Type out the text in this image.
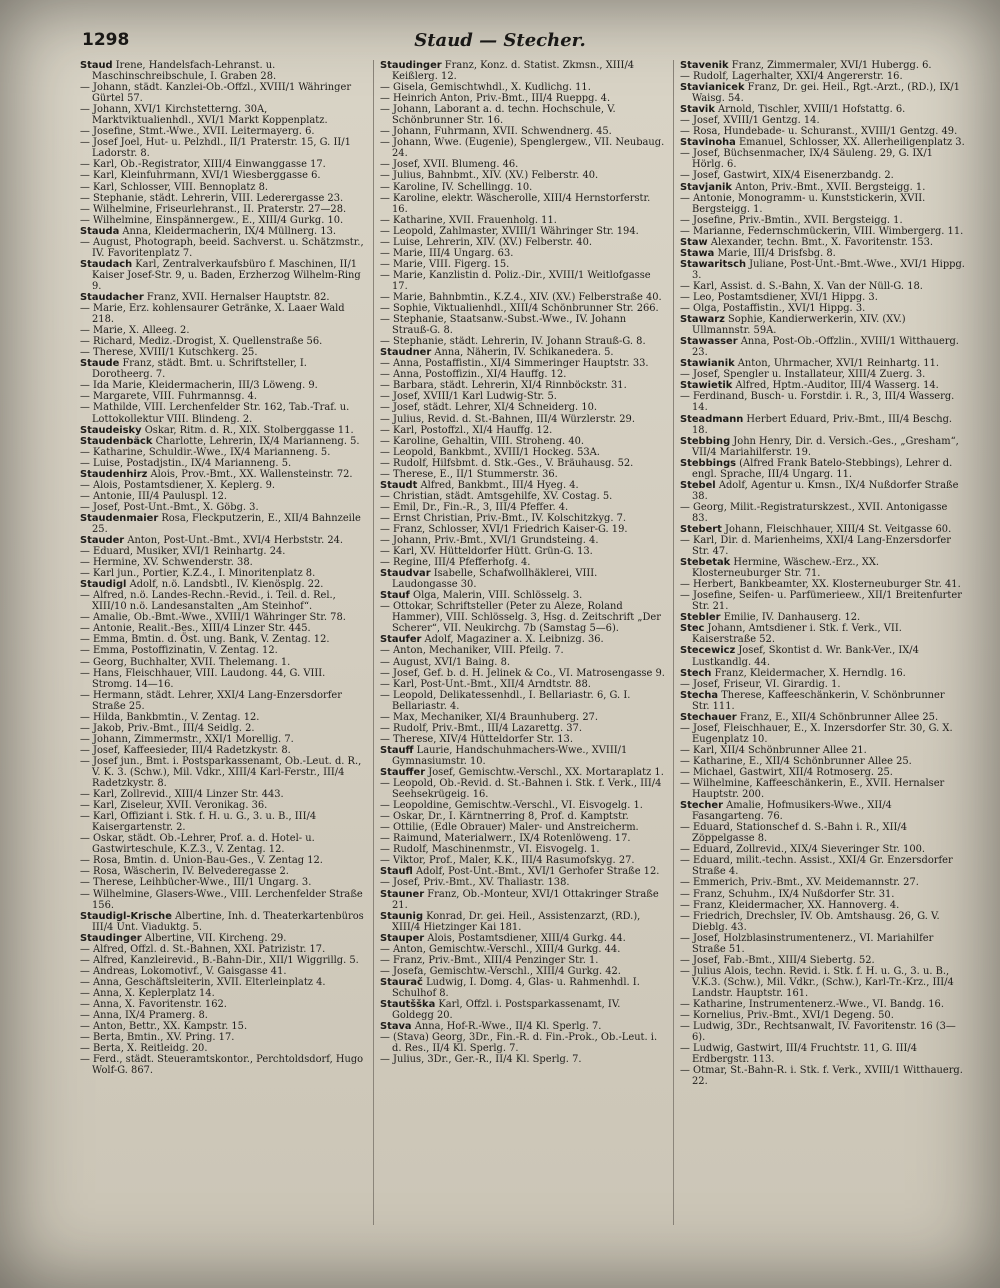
1298	Staud — Stecher.

Staud Irene, Handelsfach-Lehranst. u. Maschinschreibschule, I. Graben 28.

— Johann, städt. Kanzlei-Ob.-Offzl., XVIII/1 Währinger Gürtel 57.

— Johann, XVI/1 Kirchstetterng. 30A, Marktviktualienhdl., XVI/1 Markt Koppenplatz.

— Josefine, Stmt.-Wwe., XVII. Leitermayerg. 6.

— Josef Joel, Hut- u. Pelzhdl., II/1 Praterstr. 15, G. II/1 Ladorstr. 8.

— Karl, Ob.-Registrator, XIII/4 Einwanggasse 17.

— Karl, Kleinfuhrmann, XVI/1 Wiesberggasse 6.

— Karl, Schlosser, VIII. Bennoplatz 8.

— Stephanie, städt. Lehrerin, VIII. Lederergasse 23.

— Wilhelmine, Friseurlehranst., II. Praterstr. 27—28.

— Wilhelmine, Einspännergew., E., XIII/4 Gurkg. 10.

Stauda Anna, Kleidermacherin, IX/4 Müllnerg. 13.

— August, Photograph, beeid. Sachverst. u. Schätzmstr., IV. Favoritenplatz 7.

Staudach Karl, Zentralverkaufsbüro f. Maschinen, II/1 Kaiser Josef-Str. 9, u. Baden, Erzherzog Wilhelm-Ring 9.

Staudacher Franz, XVII. Hernalser Hauptstr. 82.

— Marie, Erz. kohlensaurer Getränke, X. Laaer Wald 218.

— Marie, X. Alleeg. 2.

— Richard, Mediz.-Drogist, X. Quellenstraße 56.

— Therese, XVIII/1 Kutschkerg. 25.

Staude Franz, städt. Bmt. u. Schriftsteller, I. Dorotheerg. 7.

— Ida Marie, Kleidermacherin, III/3 Löweng. 9.

— Margarete, VIII. Fuhrmannsg. 4.

— Mathilde, VIII. Lerchenfelder Str. 162, Tab.-Traf. u. Lottokollektur VIII. Blindeng. 2.

Staudeisky Oskar, Ritm. d. R., XIX. Stolberggasse 11.

Staudenbäck Charlotte, Lehrerin, IX/4 Marianneng. 5.

— Katharine, Schuldir.-Wwe., IX/4 Marianneng. 5.

— Luise, Postadjstin., IX/4 Marianneng. 5.

Staudenhirz Alois, Prov.-Bmt., XX. Wallensteinstr. 72.

— Alois, Postamtsdiener, X. Keplerg. 9.

— Antonie, III/4 Pauluspl. 12.

— Josef, Post-Unt.-Bmt., X. Göbg. 3.

Staudenmaier Rosa, Fleckputzerin, E., XII/4 Bahnzeile 25.

Stauder Anton, Post-Unt.-Bmt., XVI/4 Herbststr. 24.

— Eduard, Musiker, XVI/1 Reinhartg. 24.

— Hermine, XV. Schwenderstr. 38.

— Karl jun., Portier, K.Z.4., I. Minoritenplatz 8.

Staudigl Adolf, n.ö. Landsbtl., IV. Kienösplg. 22.

— Alfred, n.ö. Landes-Rechn.-Revid., i. Teil. d. Rel., XIII/10 n.ö. Landesanstalten „Am Steinhof“.

— Amalie, Ob.-Bmt.-Wwe., XVIII/1 Währinger Str. 78.

— Antonie, Realit.-Bes., XIII/4 Linzer Str. 445.

— Emma, Bmtin. d. Öst. ung. Bank, V. Zentag. 12.

— Emma, Postoffizinatin, V. Zentag. 12.

— Georg, Buchhalter, XVII. Thelemang. 1.

— Hans, Fleischhauer, VIII. Laudong. 44, G. VIII. Stromg. 14—16.

— Hermann, städt. Lehrer, XXI/4 Lang-Enzersdorfer Straße 25.

— Hilda, Bankbmtin., V. Zentag. 12.

— Jakob, Priv.-Bmt., III/4 Seidlg. 2.

— Johann, Zimmermstr., XXI/1 Morellig. 7.

— Josef, Kaffeesieder, III/4 Radetzkystr. 8.

— Josef jun., Bmt. i. Postsparkassenamt, Ob.-Leut. d. R., V. K. 3. (Schw.), Mil. Vdkr., XIII/4 Karl-Ferstr., III/4 Radetzkystr. 8.

— Karl, Zollrevid., XIII/4 Linzer Str. 443.

— Karl, Ziseleur, XVII. Veronikag. 36.

— Karl, Offiziant i. Stk. f. H. u. G., 3. u. B., III/4 Kaisergartenstr. 2.

— Oskar, städt. Ob.-Lehrer, Prof. a. d. Hotel- u. Gastwirteschule, K.Z.3., V. Zentag. 12.

— Rosa, Bmtin. d. Union-Bau-Ges., V. Zentag 12.

— Rosa, Wäscherin, IV. Belvederegasse 2.

— Therese, Leihbücher-Wwe., III/1 Ungarg. 3.

— Wilhelmine, Glasers-Wwe., VIII. Lerchenfelder Straße 156.

Staudigl-Krische Albertine, Inh. d. Theaterkartenbüros III/4 Unt. Viaduktg. 5.

Staudinger Albertine, VII. Kircheng. 29.

— Alfred, Offzl. d. St.-Bahnen, XXI. Patrizistr. 17.

— Alfred, Kanzleirevid., B.-Bahn-Dir., XII/1 Wiggrillg. 5.

— Andreas, Lokomotivf., V. Gaisgasse 41.

— Anna, Geschäftsleiterin, XVII. Elterleinplatz 4.

— Anna, X. Keplerplatz 14.

— Anna, X. Favoritenstr. 162.

— Anna, IX/4 Pramerg. 8.

— Anton, Bettr., XX. Kampstr. 15.

— Berta, Bmtin., XV. Pring. 17.

— Berta, X. Reitleidg. 20.

— Ferd., städt. Steueramtskontor., Perchtoldsdorf, Hugo Wolf-G. 867.

Staudinger Franz, Konz. d. Statist. Zkmsn., XIII/4 Keißlerg. 12.

— Gisela, Gemischtwhdl., X. Kudlichg. 11.

— Heinrich Anton, Priv.-Bmt., III/4 Rueppg. 4.

— Johann, Laborant a. d. techn. Hochschule, V. Schönbrunner Str. 16.

— Johann, Fuhrmann, XVII. Schwendnerg. 45.

— Johann, Wwe. (Eugenie), Spenglergew., VII. Neubaug. 24.

— Josef, XVII. Blumeng. 46.

— Julius, Bahnbmt., XIV. (XV.) Felberstr. 40.

— Karoline, IV. Schellingg. 10.

— Karoline, elektr. Wäscherolle, XIII/4 Hernstorferstr. 16.

— Katharine, XVII. Frauenholg. 11.

— Leopold, Zahlmaster, XVIII/1 Währinger Str. 194.

— Luise, Lehrerin, XIV. (XV.) Felberstr. 40.

— Marie, III/4 Ungarg. 63.

— Marie, VIII. Figerg. 15.

— Marie, Kanzlistin d. Poliz.-Dir., XVIII/1 Weitlofgasse 17.

— Marie, Bahnbmtin., K.Z.4., XIV. (XV.) Felberstraße 40.

— Sophie, Viktualienhdl., XIII/4 Schönbrunner Str. 266.

— Stephanie, Staatsanw.-Subst.-Wwe., IV. Johann Strauß-G. 8.

— Stephanie, städt. Lehrerin, IV. Johann Strauß-G. 8.

Staudner Anna, Näherin, IV. Schikanedera. 5.

— Anna, Postaffistin., XI/4 Simmeringer Hauptstr. 33.

— Anna, Postoffizin., XI/4 Hauffg. 12.

— Barbara, städt. Lehrerin, XI/4 Rinnböckstr. 31.

— Josef, XVIII/1 Karl Ludwig-Str. 5.

— Josef, städt. Lehrer, XI/4 Schneiderg. 10.

— Julius, Revid. d. St.-Bahnen, III/4 Würzlerstr. 29.

— Karl, Postoffzl., XI/4 Hauffg. 12.

— Karoline, Gehaltin, VIII. Stroheng. 40.

— Leopold, Bankbmt., XVIII/1 Hockeg. 53A.

— Rudolf, Hilfsbmt. d. Stk.-Ges., V. Bräuhausg. 52.

— Therese, E., II/1 Stummerstr. 36.

Staudt Alfred, Bankbmt., III/4 Hyeg. 4.

— Christian, städt. Amtsgehilfe, XV. Costag. 5.

— Emil, Dr., Fin.-R., 3, III/4 Pfeffer. 4.

— Ernst Christian, Priv.-Bmt., IV. Kolschitzkyg. 7.

— Franz, Schlosser, XVI/1 Friedrich Kaiser-G. 19.

— Johann, Priv.-Bmt., XVI/1 Grundsteing. 4.

— Karl, XV. Hütteldorfer Hütt. Grün-G. 13.

— Regine, III/4 Pfefferhofg. 4.

Staudvar Isabelle, Schafwollhäklerei, VIII. Laudongasse 30.

Stauf Olga, Malerin, VIII. Schlösselg. 3.

— Ottokar, Schriftsteller (Peter zu Aleze, Roland Hammer), VIII. Schlösselg. 3, Hsg. d. Zeitschrift „Der Scherer“, VII. Neukirchg. 7b (Samstag 5—6).

Staufer Adolf, Magaziner a. X. Leibnizg. 36.

— Anton, Mechaniker, VIII. Pfeilg. 7.

— August, XVI/1 Baing. 8.

— Josef, Gef. b. d. H. Jelinek & Co., VI. Matrosengasse 9.

— Karl, Post-Unt.-Bmt., XII/4 Arndtstr. 88.

— Leopold, Delikatessenhdl., I. Bellariastr. 6, G. I. Bellariastr. 4.

— Max, Mechaniker, XI/4 Braunhuberg. 27.

— Rudolf, Priv.-Bmt., III/4 Lazarettg. 37.

— Therese, XIV/4 Hütteldorfer Str. 13.

Stauff Laurie, Handschuhmachers-Wwe., XVIII/1 Gymnasiumstr. 10.

Stauffer Josef, Gemischtw.-Verschl., XX. Mortaraplatz 1.

— Leopold, Ob.-Revid. d. St.-Bahnen i. Stk. f. Verk., III/4 Seehsekrügeig. 16.

— Leopoldine, Gemischtw.-Verschl., VI. Eisvogelg. 1.

— Oskar, Dr., I. Kärntnerring 8, Prof. d. Kamptstr.

— Ottilie, (Edle Obrauer) Maler- und Anstreicherm.

— Raimund, Materialwerr., IX/4 Rotenlöweng. 17.

— Rudolf, Maschinenmstr., VI. Eisvogelg. 1.

— Viktor, Prof., Maler, K.K., III/4 Rasumofskyg. 27.

Staufl Adolf, Post-Unt.-Bmt., XVI/1 Gerhofer Straße 12.

— Josef, Priv.-Bmt., XV. Thaliastr. 138.

Stauner Franz, Ob.-Monteur, XVI/1 Ottakringer Straße 21.

Staunig Konrad, Dr. gei. Heil., Assistenzarzt, (RD.), XIII/4 Hietzinger Kai 181.

Stauper Alois, Postamtsdiener, XIII/4 Gurkg. 44.

— Anton, Gemischtw.-Verschl., XIII/4 Gurkg. 44.

— Franz, Priv.-Bmt., XIII/4 Penzinger Str. 1.

— Josefa, Gemischtw.-Verschl., XIII/4 Gurkg. 42.

Staurač Ludwig, I. Domg. 4, Glas- u. Rahmenhdl. I. Schulhof 8.

Stautšška Karl, Offzl. i. Postsparkassenamt, IV. Goldegg 20.

Stava Anna, Hof-R.-Wwe., II/4 Kl. Sperlg. 7.

— (Stava) Georg, 3Dr., Fin.-R. d. Fin.-Prok., Ob.-Leut. i. d. Res., II/4 Kl. Sperlg. 7.

— Julius, 3Dr., Ger.-R., II/4 Kl. Sperlg. 7.

Stavenik Franz, Zimmermaler, XVI/1 Hubergg. 6.

— Rudolf, Lagerhalter, XXI/4 Angererstr. 16.

Stavianicek Franz, Dr. gei. Heil., Rgt.-Arzt., (RD.), IX/1 Waisg. 54.

Stavik Arnold, Tischler, XVIII/1 Hofstattg. 6.

— Josef, XVIII/1 Gentzg. 14.

— Rosa, Hundebade- u. Schuranst., XVIII/1 Gentzg. 49.

Stavinoha Emanuel, Schlosser, XX. Allerheiligenplatz 3.

— Josef, Büchsenmacher, IX/4 Säuleng. 29, G. IX/1 Hörlg. 6.

— Josef, Gastwirt, XIX/4 Eisenerzbandg. 2.

Stavjanik Anton, Priv.-Bmt., XVII. Bergsteigg. 1.

— Antonie, Monogramm- u. Kunststickerin, XVII. Bergsteigg. 1.

— Josefine, Priv.-Bmtin., XVII. Bergsteigg. 1.

— Marianne, Federnschmückerin, VIII. Wimbergerg. 11.

Staw Alexander, techn. Bmt., X. Favoritenstr. 153.

Stawa Marie, III/4 Drisfsbg. 8.

Stawaritsch Juliane, Post-Unt.-Bmt.-Wwe., XVI/1 Hippg. 3.

— Karl, Assist. d. S.-Bahn, X. Van der Nüll-G. 18.

— Leo, Postamtsdiener, XVI/1 Hippg. 3.

— Olga, Postaffistin., XVI/1 Hippg. 3.

Stawarz Sophie, Kandierwerkerin, XIV. (XV.) Ullmannstr. 59A.

Stawasser Anna, Post-Ob.-Offzlin., XVIII/1 Witthauerg. 23.

Stawianik Anton, Uhrmacher, XVI/1 Reinhartg. 11.

— Josef, Spengler u. Installateur, XIII/4 Zuerg. 3.

Stawietik Alfred, Hptm.-Auditor, III/4 Wasserg. 14.

— Ferdinand, Busch- u. Forstdir. i. R., 3, III/4 Wasserg. 14.

Steadmann Herbert Eduard, Priv.-Bmt., III/4 Beschg. 18.

Stebbing John Henry, Dir. d. Versich.-Ges., „Gresham“, VII/4 Mariahilferstr. 19.

Stebbings (Alfred Frank Batelo-Stebbings), Lehrer d. engl. Sprache, III/4 Ungarg. 11.

Stebel Adolf, Agentur u. Kmsn., IX/4 Nußdorfer Straße 38.

— Georg, Milit.-Registraturskzest., XVII. Antonigasse 83.

Stebert Johann, Fleischhauer, XIII/4 St. Veitgasse 60.

— Karl, Dir. d. Marienheims, XXI/4 Lang-Enzersdorfer Str. 47.

Stebetak Hermine, Wäschew.-Erz., XX. Klosterneuburger Str. 71.

— Herbert, Bankbeamter, XX. Klosterneuburger Str. 41.

— Josefine, Seifen- u. Parfümerieew., XII/1 Breitenfurter Str. 21.

Stebler Emilie, IV. Danhauserg. 12.

Stec Johann, Amtsdiener i. Stk. f. Verk., VII. Kaiserstraße 52.

Stecewicz Josef, Skontist d. Wr. Bank-Ver., IX/4 Lustkandlg. 44.

Stech Franz, Kleidermacher, X. Herndlg. 16.

— Josef, Friseur, VI. Girardig. 1.

Stecha Therese, Kaffeeschänkerin, V. Schönbrunner Str. 111.

Stechauer Franz, E., XII/4 Schönbrunner Allee 25.

— Josef, Fleischhauer, E., X. Inzersdorfer Str. 30, G. X. Eugenplatz 10.

— Karl, XII/4 Schönbrunner Allee 21.

— Katharine, E., XII/4 Schönbrunner Allee 25.

— Michael, Gastwirt, XII/4 Rotmoserg. 25.

— Wilhelmine, Kaffeeschänkerin, E., XVII. Hernalser Hauptstr. 200.

Stecher Amalie, Hofmusikers-Wwe., XII/4 Fasangarteng. 76.

— Eduard, Stationschef d. S.-Bahn i. R., XII/4 Zöppelgasse 8.

— Eduard, Zollrevid., XIX/4 Sieveringer Str. 100.

— Eduard, milit.-techn. Assist., XXI/4 Gr. Enzersdorfer Straße 4.

— Emmerich, Priv.-Bmt., XV. Meidemannstr. 27.

— Franz, Schuhm., IX/4 Nußdorfer Str. 31.

— Franz, Kleidermacher, XX. Hannoverg. 4.

— Friedrich, Drechsler, IV. Ob. Amtshausg. 26, G. V. Dieblg. 43.

— Josef, Holzblasinstrumentenerz., VI. Mariahilfer Straße 51.

— Josef, Fab.-Bmt., XIII/4 Siebertg. 52.

— Julius Alois, techn. Revid. i. Stk. f. H. u. G., 3. u. B., V.K.3. (Schw.), Mil. Vdkr., (Schw.), Karl-Tr.-Krz., III/4 Landstr. Hauptstr. 161.

— Katharine, Instrumentenerz.-Wwe., VI. Bandg. 16.

— Kornelius, Priv.-Bmt., XVI/1 Degeng. 50.

— Ludwig, 3Dr., Rechtsanwalt, IV. Favoritenstr. 16 (3—6).

— Ludwig, Gastwirt, III/4 Fruchtstr. 11, G. III/4 Erdbergstr. 113.

— Otmar, St.-Bahn-R. i. Stk. f. Verk., XVIII/1 Witthauerg. 22.
